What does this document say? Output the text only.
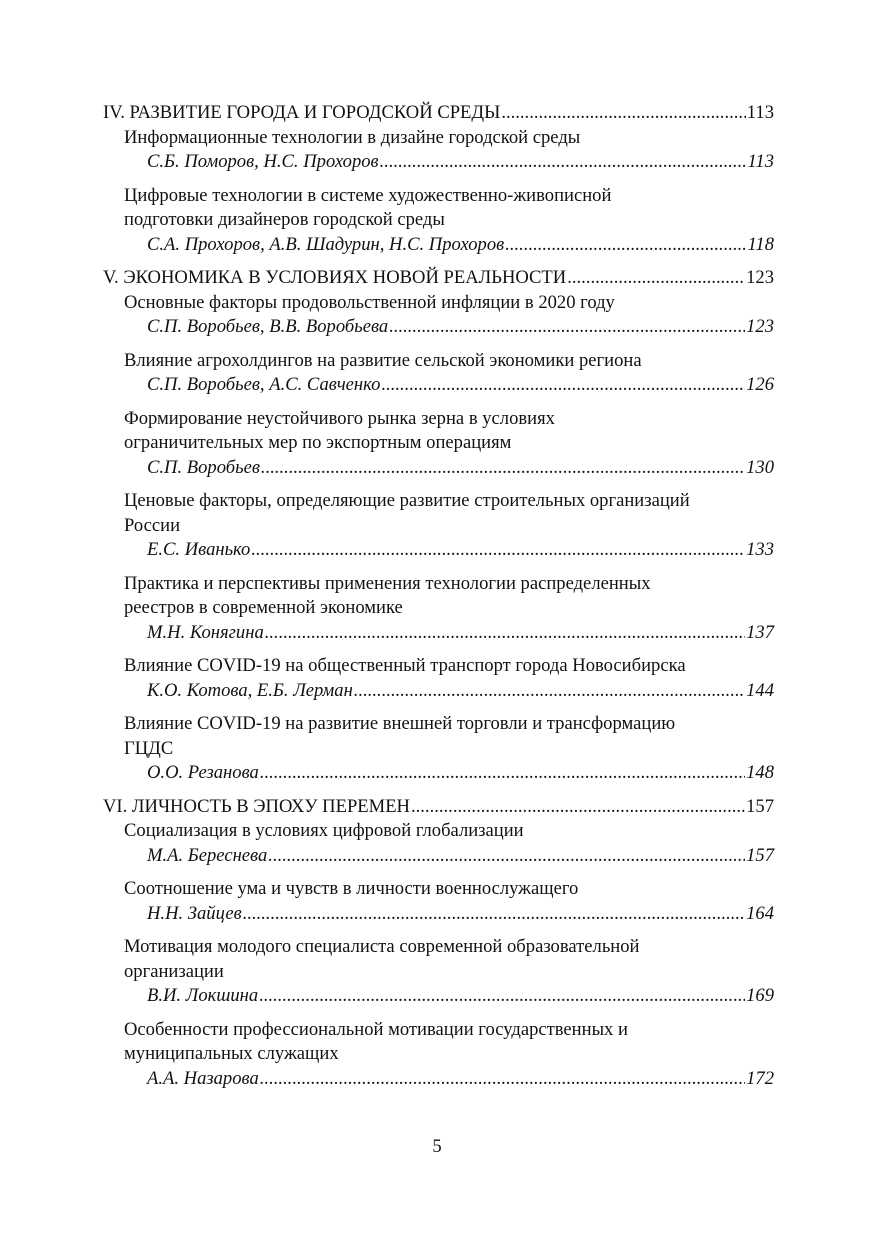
IV. РАЗВИТИЕ ГОРОДА И ГОРОДСКОЙ СРЕДЫ .....	113
Информационные технологии в дизайне городской среды
С.Б. Поморов, Н.С. Прохоров .....	113
Цифровые технологии в системе художественно-живописной
подготовки дизайнеров городской среды
С.А. Прохоров, А.В. Шадурин, Н.С. Прохоров .....	118
V. ЭКОНОМИКА В УСЛОВИЯХ НОВОЙ РЕАЛЬНОСТИ .....	123
Основные факторы продовольственной инфляции в 2020 году
С.П. Воробьев, В.В. Воробьева .....	123
Влияние агрохолдингов на развитие сельской экономики региона
С.П. Воробьев, А.С. Савченко .....	126
Формирование неустойчивого рынка зерна в условиях
ограничительных мер по экспортным операциям
С.П. Воробьев .....	130
Ценовые факторы, определяющие развитие строительных организаций
России
Е.С. Иванько .....	133
Практика и перспективы применения технологии распределенных
реестров в современной экономике
М.Н. Конягина .....	137
Влияние COVID-19 на общественный транспорт города Новосибирска
К.О. Котова, Е.Б. Лерман .....	144
Влияние COVID-19 на развитие внешней торговли и трансформацию
ГЦДС
О.О. Резанова .....	148
VI. ЛИЧНОСТЬ В ЭПОХУ ПЕРЕМЕН .....	157
Социализация в условиях цифровой глобализации
М.А. Береснева .....	157
Соотношение ума и чувств в личности военнослужащего
Н.Н. Зайцев .....	164
Мотивация молодого специалиста современной образовательной
организации
В.И. Локшина .....	169
Особенности профессиональной мотивации государственных и
муниципальных служащих
А.А. Назарова .....	172
5
